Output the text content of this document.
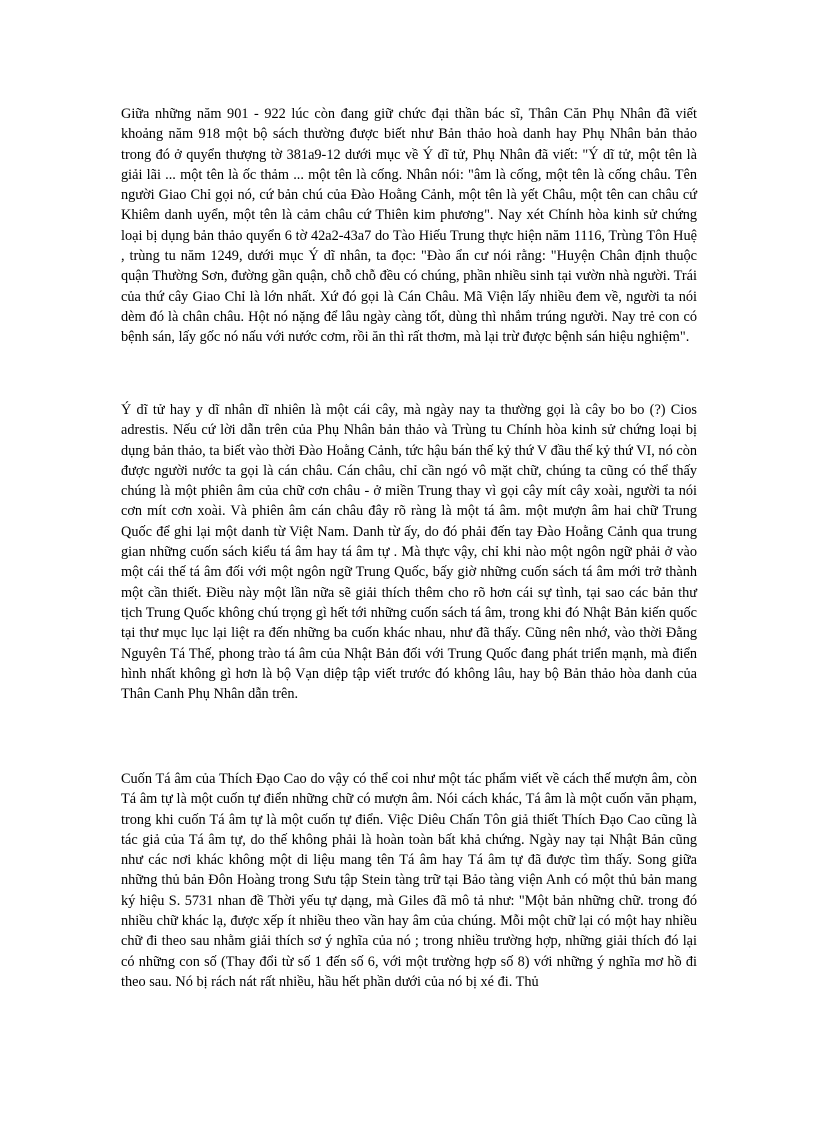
Giữa những năm 901 - 922 lúc còn đang giữ chức đại thần bác sĩ, Thân Căn Phụ Nhân đã viết khoảng năm 918 một bộ sách thường được biết như Bản thảo hoà danh hay Phụ Nhân bản thảo trong đó ở quyển thượng tờ 381a9-12 dưới mục về Ý dĩ tử, Phụ Nhân đã viết: "Ý dĩ tử, một tên là giải lãi ... một tên là ốc thảm ... một tên là cống. Nhân nói: "âm là cống, một tên là cống châu. Tên người Giao Chỉ gọi nó, cứ bản chú của Đào Hoằng Cảnh, một tên là yết Châu, một tên can châu cứ Khiêm danh uyển, một tên là cảm châu cứ Thiên kim phương". Nay xét Chính hòa kinh sử chứng loại bị dụng bản thảo quyển 6 tờ 42a2-43a7 do Tào Hiếu Trung thực hiện năm 1116, Trùng Tôn Huệ , trùng tu năm 1249, dưới mục Ý dĩ nhân, ta đọc: "Đào ẩn cư nói rằng: "Huyện Chân định thuộc quận Thường Sơn, đường gần quận, chỗ chỗ đều có chúng, phần nhiều sinh tại vườn nhà người. Trái của thứ cây Giao Chỉ là lớn nhất. Xứ đó gọi là Cán Châu. Mã Viện lấy nhiều đem về, người ta nói dèm đó là chân châu. Hột nó nặng để lâu ngày càng tốt, dùng thì nhắm trúng người. Nay trẻ con có bệnh sán, lấy gốc nó nấu với nước cơm, rồi ăn thì rất thơm, mà lại trừ được bệnh sán hiệu nghiệm".

Ý dĩ tử hay y dĩ nhân dĩ nhiên là một cái cây, mà ngày nay ta thường gọi là cây bo bo (?) Cios adrestis. Nếu cứ lời dẫn trên của Phụ Nhân bản thảo và Trùng tu Chính hòa kinh sử chứng loại bị dụng bản thảo, ta biết vào thời Đào Hoằng Cảnh, tức hậu bán thế kỷ thứ V đầu thế kỷ thứ VI, nó còn được người nước ta gọi là cán châu. Cán châu, chỉ cần ngó vô mặt chữ, chúng ta cũng có thể thấy chúng là một phiên âm của chữ cơn châu - ở miền Trung thay vì gọi cây mít cây xoài, người ta nói cơn mít cơn xoài. Và phiên âm cán châu đây rõ ràng là một tá âm. một mượn âm hai chữ Trung Quốc để ghi lại một danh từ Việt Nam. Danh từ ấy, do đó phải đến tay Đào Hoằng Cảnh qua trung gian những cuốn sách kiểu tá âm hay tá âm tự . Mà thực vậy, chỉ khi nào một ngôn ngữ phải ở vào một cái thế tá âm đối với một ngôn ngữ Trung Quốc, bấy giờ những cuốn sách tá âm mới trở thành một cần thiết. Điều này một lần nữa sẽ giải thích thêm cho rõ hơn cái sự tình, tại sao các bản thư tịch Trung Quốc không chú trọng gì hết tới những cuốn sách tá âm, trong khi đó Nhật Bản kiến quốc tại thư mục lục lại liệt ra đến những ba cuốn khác nhau, như đã thấy. Cũng nên nhớ, vào thời Đằng Nguyên Tá Thế, phong trào tá âm của Nhật Bản đối với Trung Quốc đang phát triển mạnh, mà điển hình nhất không gì hơn là bộ Vạn diệp tập viết trước đó không lâu, hay bộ Bản thảo hòa danh của Thân Canh Phụ Nhân dẫn trên.

Cuốn Tá âm của Thích Đạo Cao do vậy có thể coi như một tác phẩm viết về cách thế mượn âm, còn Tá âm tự là một cuốn tự điển những chữ có mượn âm. Nói cách khác, Tá âm là một cuốn văn phạm, trong khi cuốn Tá âm tự là một cuốn tự điển. Việc Diêu Chấn Tôn giả thiết Thích Đạo Cao cũng là tác giả của Tá âm tự, do thế không phải là hoàn toàn bất khả chứng. Ngày nay tại Nhật Bản cũng như các nơi khác không một di liệu mang tên Tá âm hay Tá âm tự đã được tìm thấy. Song giữa những thủ bản Đôn Hoàng trong Sưu tập Stein tàng trữ tại Bảo tàng viện Anh có một thủ bản mang ký hiệu S. 5731 nhan đề Thời yếu tự dạng, mà Giles đã mô tả như: "Một bản những chữ. trong đó nhiều chữ khác lạ, được xếp ít nhiều theo vần hay âm của chúng. Mỗi một chữ lại có một hay nhiều chữ đi theo sau nhằm giải thích sơ ý nghĩa của nó ; trong nhiều trường hợp, những giải thích đó lại có những con số (Thay đổi từ số 1 đến số 6, với một trường hợp số 8) với những ý nghĩa mơ hồ đi theo sau. Nó bị rách nát rất nhiều, hầu hết phần dưới của nó bị xé đi. Thủ
